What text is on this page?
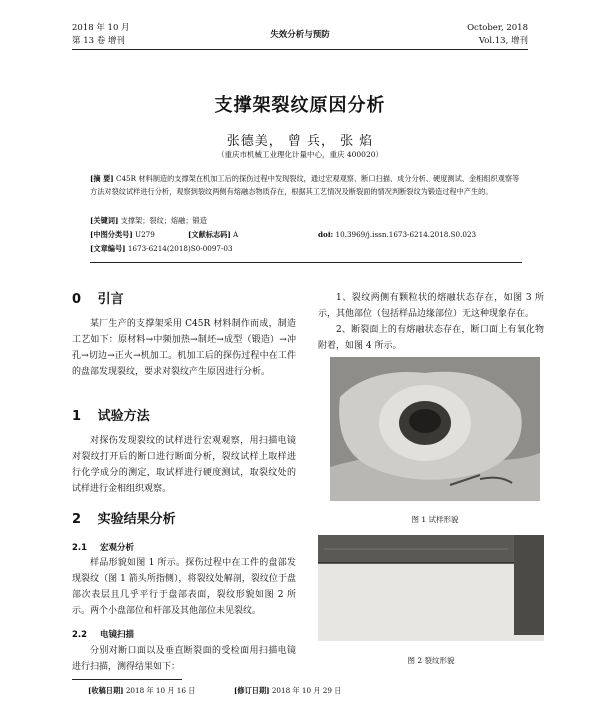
2018 年 10 月
第 13 卷 增刊
失效分析与预防
October, 2018
Vol.13, 增刊
支撑架裂纹原因分析
张德美， 曾 兵， 张 焰
（重庆市机械工业理化计量中心，重庆 400020）
[摘 要] C45R 材料制造的支撑架在机加工后的探伤过程中发现裂纹，通过宏观观察、断口扫描、成分分析、硬度测试、金相组织观察等方法对裂纹试样进行分析，观察到裂纹两侧有熔融态物质存在，根据其工艺情况及断裂面的情况判断裂纹为锻造过程中产生的。
[关键词] 支撑架；裂纹；熔融；锻造
[中图分类号] U279	[文献标志码] A	doi: 10.3969/j.issn.1673-6214.2018.S0.023
[文章编号] 1673-6214(2018)S0-0097-03
0 引言
某厂生产的支撑架采用 C45R 材料制作而成，制造工艺如下：原材料→中频加热→制坯→成型（锻造）→冲孔→切边→正火→机加工。机加工后的探伤过程中在工件的盘部发现裂纹，要求对裂纹产生原因进行分析。
1 试验方法
对探伤发现裂纹的试样进行宏观观察，用扫描电镜对裂纹打开后的断口进行断面分析，裂纹试样上取样进行化学成分的测定，取试样进行硬度测试，取裂纹处的试样进行金相组织观察。
2 实验结果分析
2.1 宏观分析
样品形貌如图 1 所示。探伤过程中在工件的盘部发现裂纹（图 1 箭头所指侧），将裂纹处解剖，裂纹位于盘部次表层且几乎平行于盘部表面，裂纹形貌如图 2 所示。两个小盘部位和杆部及其他部位未见裂纹。
2.2 电镜扫描
分别对断口面以及垂直断裂面的受检面用扫描电镜进行扫描，测得结果如下：
1、裂纹两侧有颗粒状的熔融状态存在，如图 3 所示，其他部位（包括样品边缘部位）无这种现象存在。
2、断裂面上的有熔融状态存在，断口面上有氧化物附着，如图 4 所示。
图 1 试样形貌
图 2 裂纹形貌
[收稿日期] 2018 年 10 月 16 日	[修订日期] 2018 年 10 月 29 日
